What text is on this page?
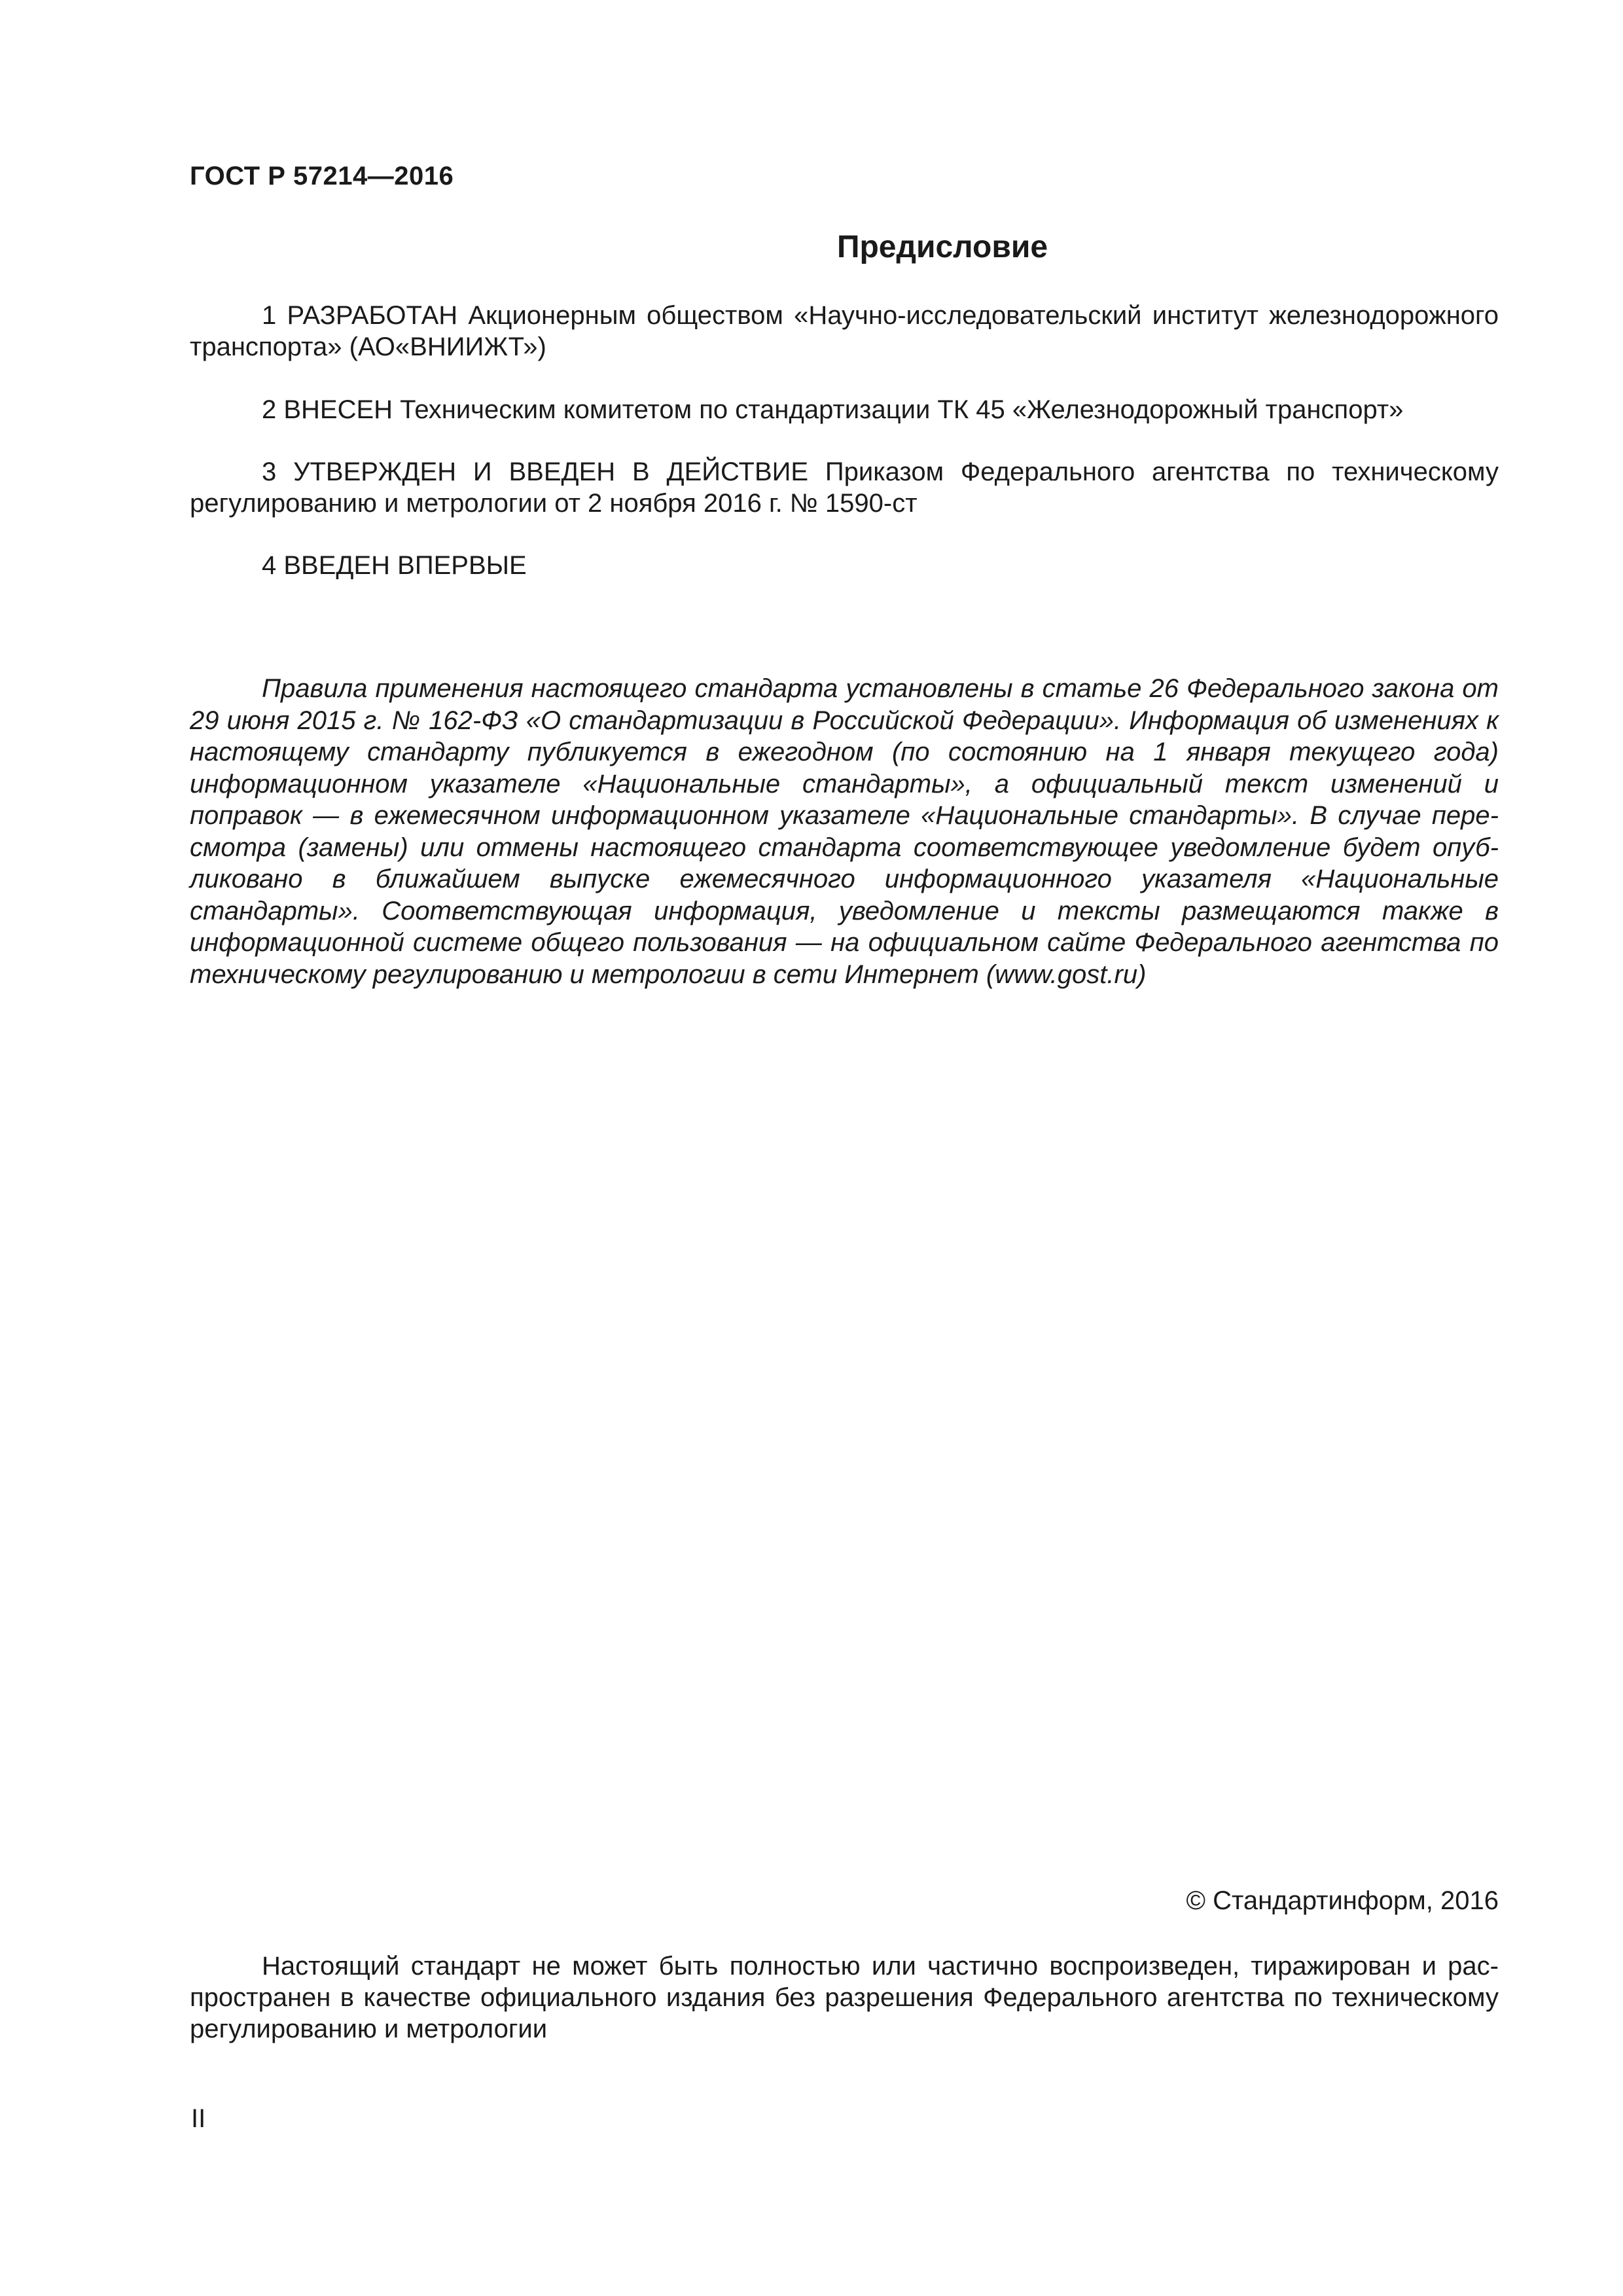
ГОСТ Р 57214—2016
Предисловие

1 РАЗРАБОТАН Акционерным обществом «Научно-исследовательский институт железнодорожного транспорта» (АО«ВНИИЖТ»)

2 ВНЕСЕН Техническим комитетом по стандартизации ТК 45 «Железнодорожный транспорт»

3 УТВЕРЖДЕН И ВВЕДЕН В ДЕЙСТВИЕ Приказом Федерального агентства по техническому регулированию и метрологии от 2 ноября 2016 г. № 1590-ст

4 ВВЕДЕН ВПЕРВЫЕ

Правила применения настоящего стандарта установлены в статье 26 Федерального закона от 29 июня 2015 г. № 162-ФЗ «О стандартизации в Российской Федерации». Информация об изменениях к настоящему стандарту публикуется в ежегодном (по состоянию на 1 января текущего года) информационном указателе «Национальные стандарты», а официальный текст изменений и поправок — в ежемесячном информационном указателе «Национальные стандарты». В случае пересмотра (замены) или отмены настоящего стандарта соответствующее уведомление будет опубликовано в ближайшем выпуске ежемесячного информационного указателя «Национальные стандарты». Соответствующая информация, уведомление и тексты размещаются также в информационной системе общего пользования — на официальном сайте Федерального агентства по техническому регулированию и метрологии в сети Интернет (www.gost.ru)

© Стандартинформ, 2016

Настоящий стандарт не может быть полностью или частично воспроизведен, тиражирован и распространен в качестве официального издания без разрешения Федерального агентства по техническому регулированию и метрологии

II
